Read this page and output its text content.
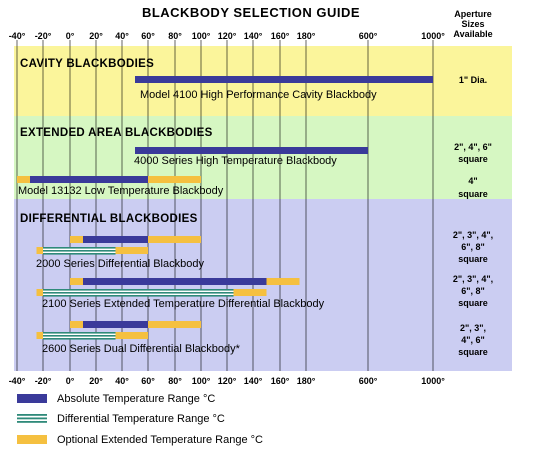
BLACKBODY SELECTION GUIDE
CAVITY BLACKBODIES
Model 4100 High Performance Cavity Blackbody
EXTENDED AREA BLACKBODIES
4000 Series High Temperature Blackbody
Model 13132 Low Temperature Blackbody
DIFFERENTIAL BLACKBODIES
2000 Series Differential Blackbody
2100 Series Extended Temperature Differential Blackbody
2600 Series Dual Differential Blackbody*
-40° -20° 0° 20° 40° 60° 80° 100° 120° 140° 160° 180°	600°	1000°
-40° -20° 0° 20° 40° 60° 80° 100° 120° 140° 160° 180°	600°	1000°
Aperture
Sizes
Available
1" Dia.
2", 4", 6"
square
4"
square
2", 3", 4",
6", 8"
square
2", 3", 4",
6", 8"
square
2", 3",
4", 6"
square
Absolute Temperature Range °C
Differential Temperature Range °C
Optional Extended Temperature Range °C
